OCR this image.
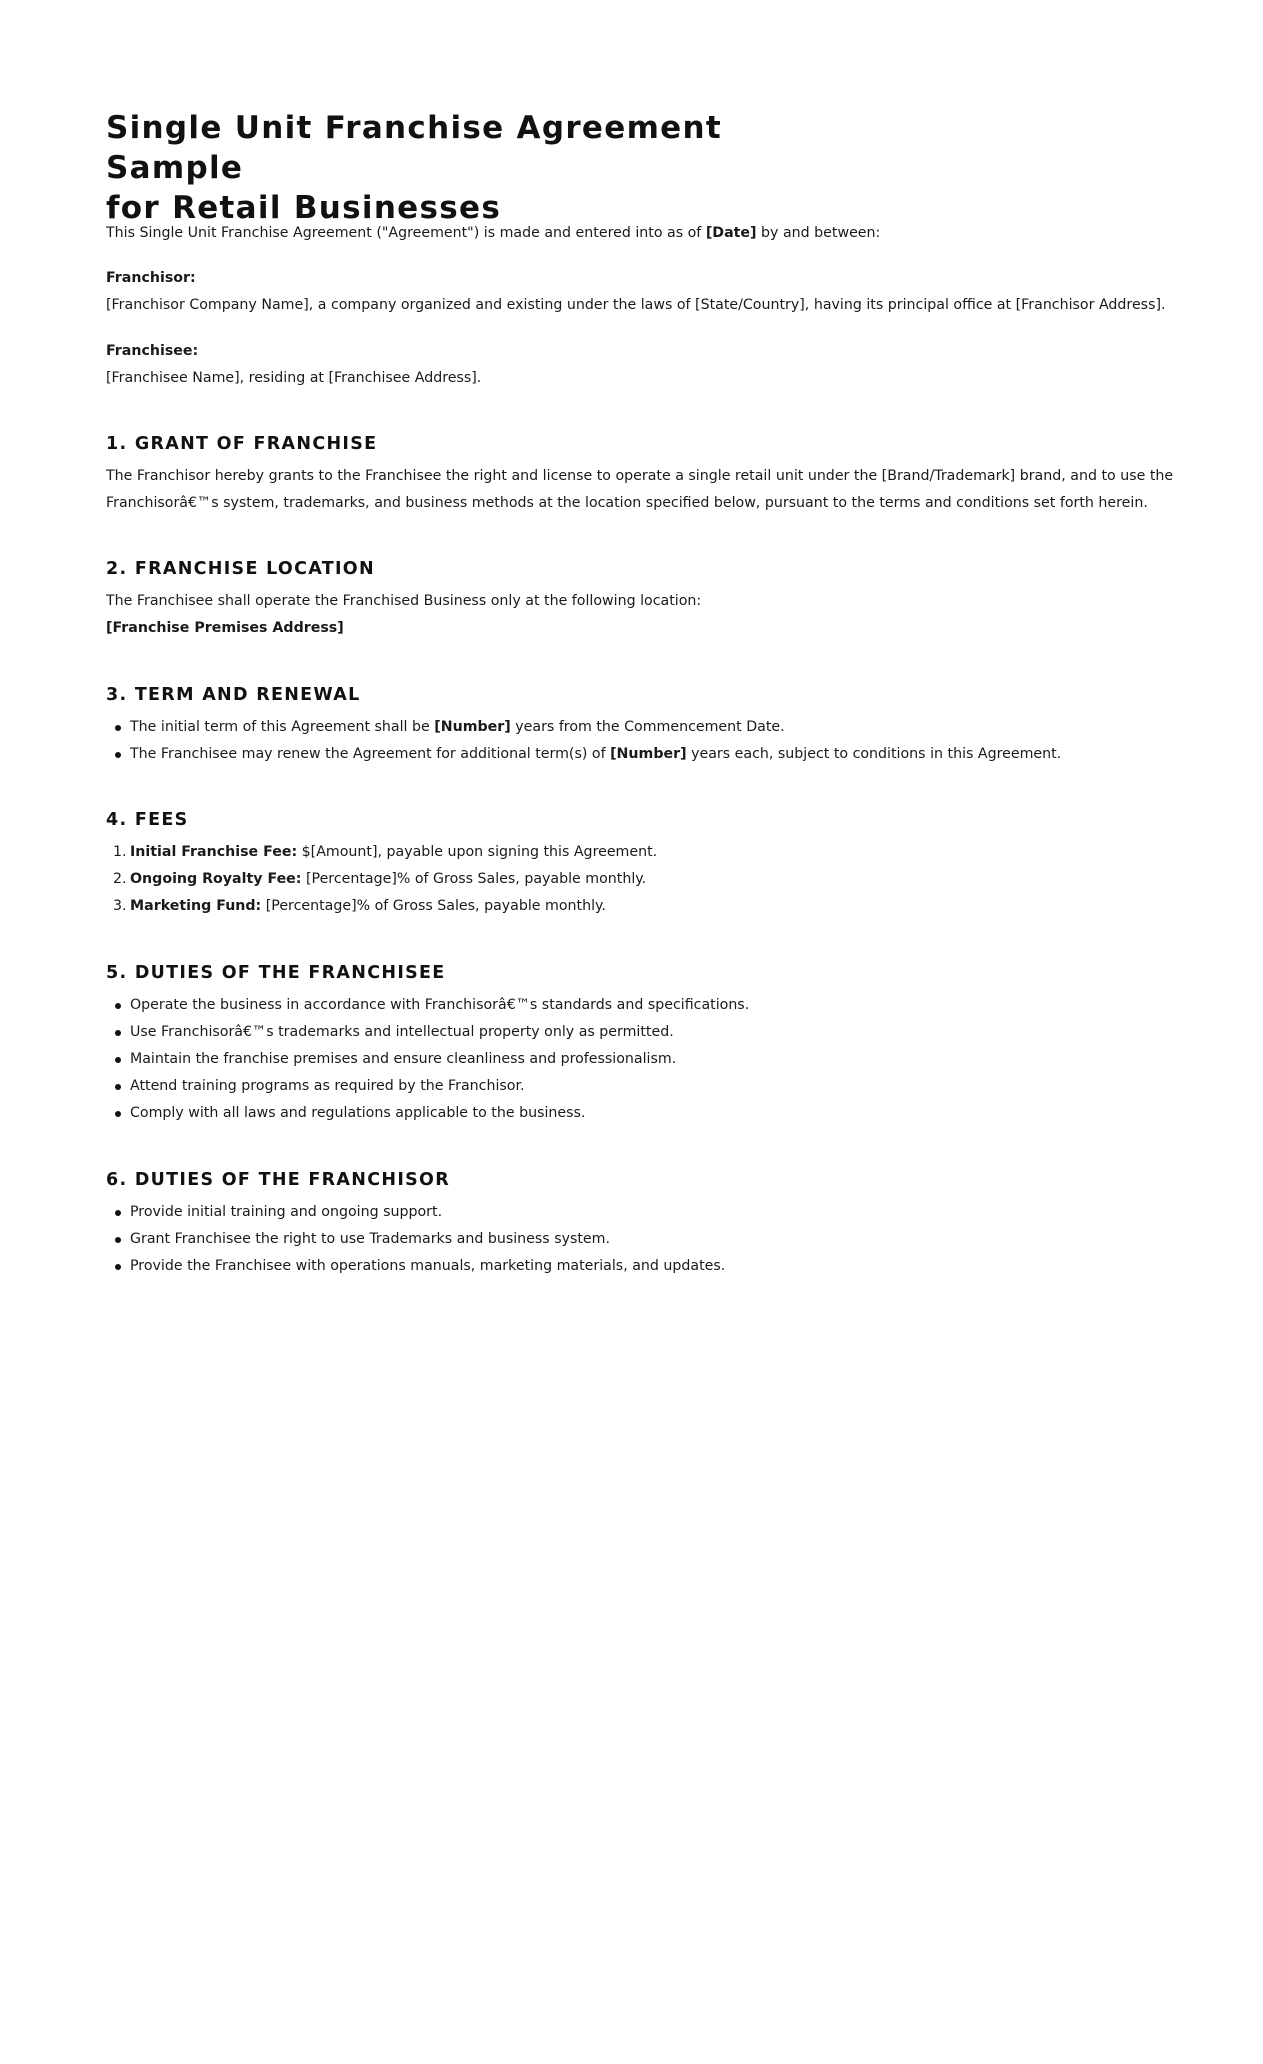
Single Unit Franchise Agreement Sample
for Retail Businesses

This Single Unit Franchise Agreement ("Agreement") is made and entered into as of [Date] by and between:

Franchisor:

[Franchisor Company Name], a company organized and existing under the laws of [State/Country], having its principal office at [Franchisor Address].

Franchisee:

[Franchisee Name], residing at [Franchisee Address].

1. GRANT OF FRANCHISE

The Franchisor hereby grants to the Franchisee the right and license to operate a single retail unit under the [Brand/Trademark] brand, and to use the

Franchisorâ€™s system, trademarks, and business methods at the location specified below, pursuant to the terms and conditions set forth herein.

2. FRANCHISE LOCATION

The Franchisee shall operate the Franchised Business only at the following location:

[Franchise Premises Address]

3. TERM AND RENEWAL
The initial term of this Agreement shall be [Number] years from the Commencement Date.
The Franchisee may renew the Agreement for additional term(s) of [Number] years each, subject to conditions in this Agreement.
4. FEES
1. Initial Franchise Fee: $[Amount], payable upon signing this Agreement.
2. Ongoing Royalty Fee: [Percentage]% of Gross Sales, payable monthly.
3. Marketing Fund: [Percentage]% of Gross Sales, payable monthly.
5. DUTIES OF THE FRANCHISEE
Operate the business in accordance with Franchisorâ€™s standards and specifications.
Use Franchisorâ€™s trademarks and intellectual property only as permitted.
Maintain the franchise premises and ensure cleanliness and professionalism.
Attend training programs as required by the Franchisor.
Comply with all laws and regulations applicable to the business.
6. DUTIES OF THE FRANCHISOR
Provide initial training and ongoing support.
Grant Franchisee the right to use Trademarks and business system.
Provide the Franchisee with operations manuals, marketing materials, and updates.
